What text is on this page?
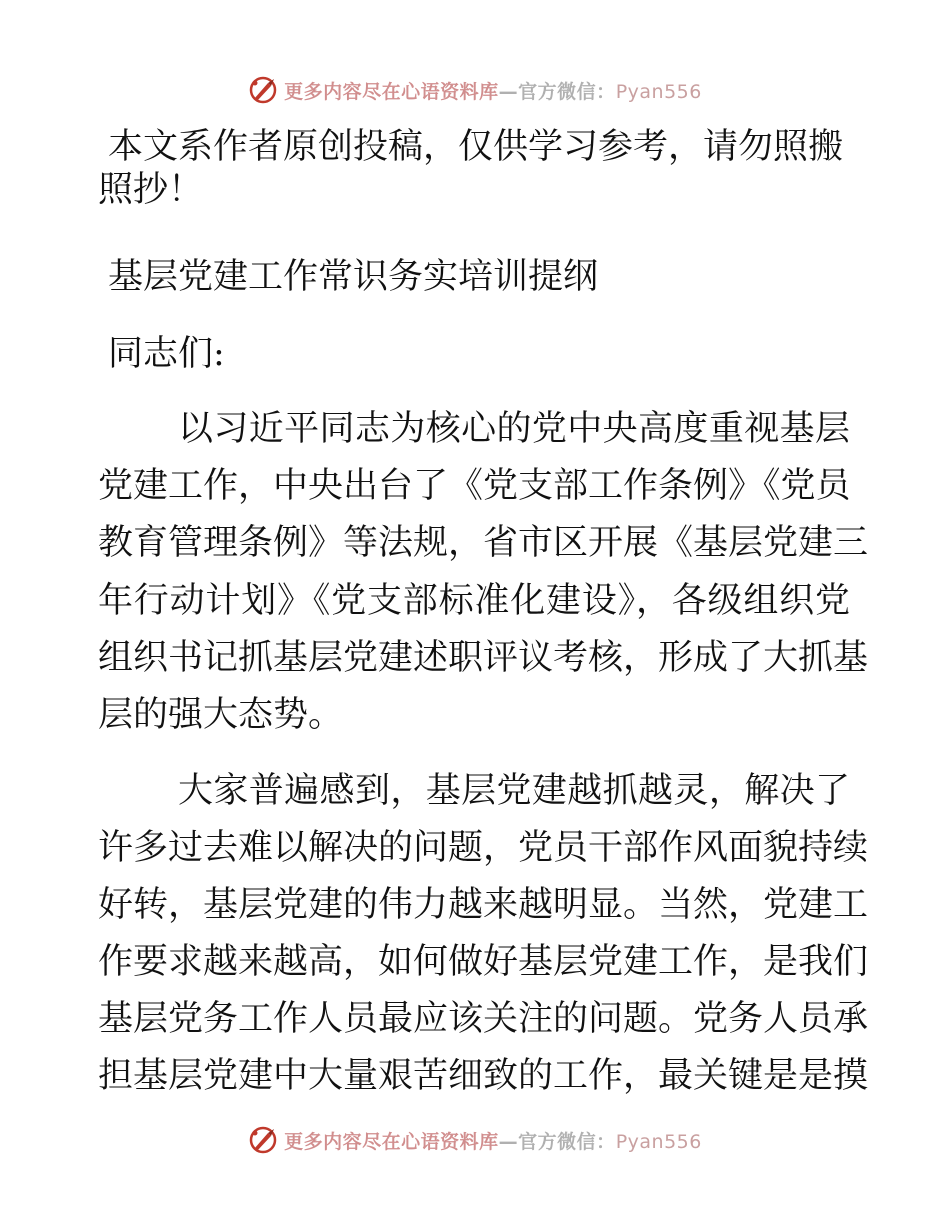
更多内容尽在心语资料库—官方微信：Pyan556

本文系作者原创投稿，仅供学习参考，请勿照搬

照抄！

基层党建工作常识务实培训提纲

同志们:

以习近平同志为核心的党中央高度重视基层

党建工作，中央出台了《党支部工作条例》《党员

教育管理条例》等法规，省市区开展《基层党建三

年行动计划》《党支部标准化建设》，各级组织党

组织书记抓基层党建述职评议考核，形成了大抓基

层的强大态势。

大家普遍感到，基层党建越抓越灵，解决了

许多过去难以解决的问题，党员干部作风面貌持续

好转，基层党建的伟力越来越明显。当然，党建工

作要求越来越高，如何做好基层党建工作，是我们

基层党务工作人员最应该关注的问题。党务人员承

担基层党建中大量艰苦细致的工作，最关键是是摸

更多内容尽在心语资料库—官方微信：Pyan556
